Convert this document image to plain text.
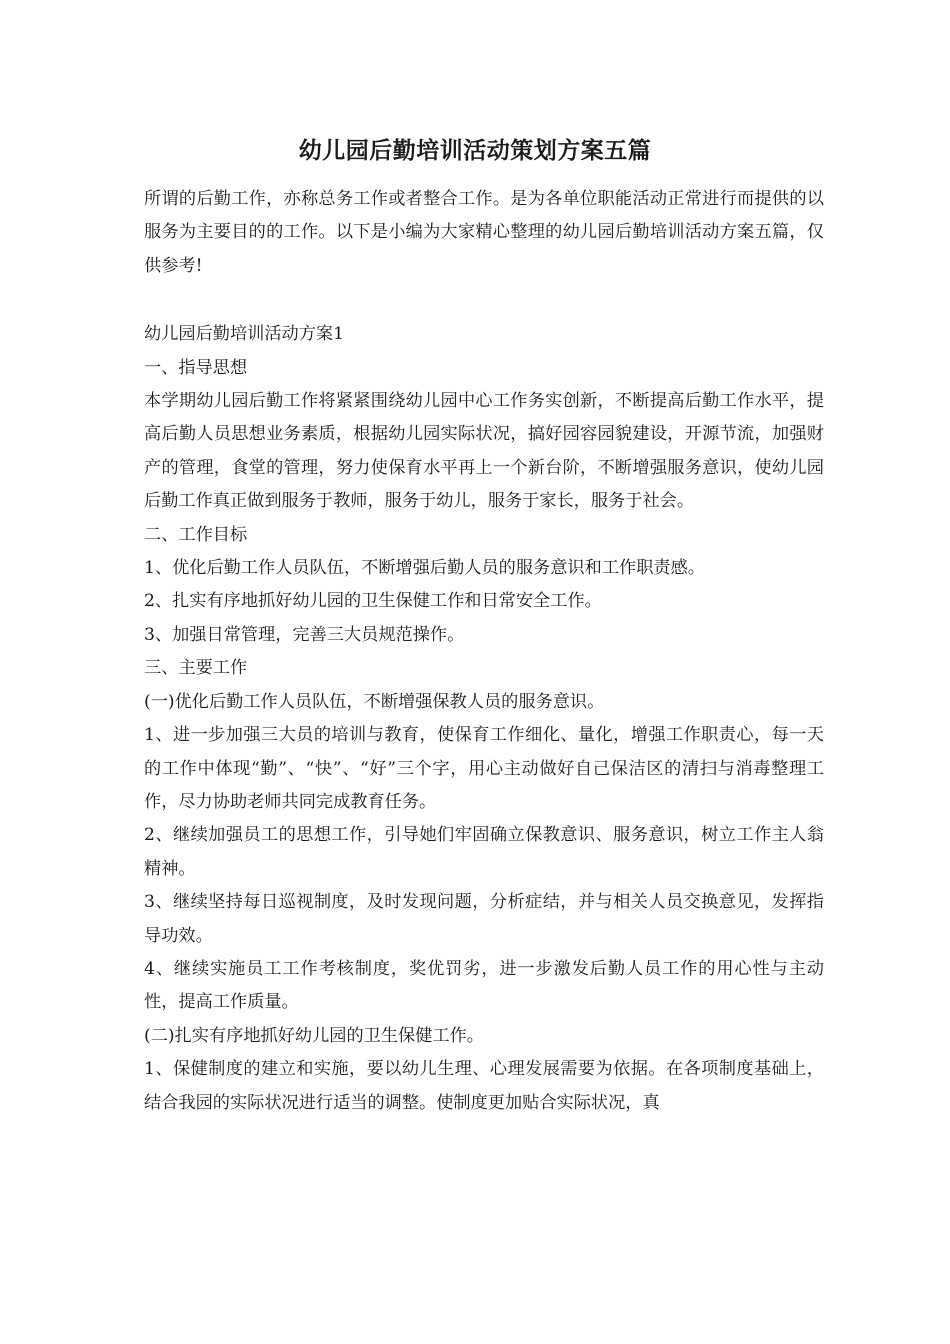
幼儿园后勤培训活动策划方案五篇

所谓的后勤工作，亦称总务工作或者整合工作。是为各单位职能活动正常进行而提供的以服务为主要目的的工作。以下是小编为大家精心整理的幼儿园后勤培训活动方案五篇，仅供参考!

幼儿园后勤培训活动方案1

一、指导思想

本学期幼儿园后勤工作将紧紧围绕幼儿园中心工作务实创新，不断提高后勤工作水平，提高后勤人员思想业务素质，根据幼儿园实际状况，搞好园容园貌建设，开源节流，加强财产的管理，食堂的管理，努力使保育水平再上一个新台阶，不断增强服务意识，使幼儿园后勤工作真正做到服务于教师，服务于幼儿，服务于家长，服务于社会。

二、工作目标

1、优化后勤工作人员队伍，不断增强后勤人员的服务意识和工作职责感。

2、扎实有序地抓好幼儿园的卫生保健工作和日常安全工作。

3、加强日常管理，完善三大员规范操作。

三、主要工作

(一)优化后勤工作人员队伍，不断增强保教人员的服务意识。

1、进一步加强三大员的培训与教育，使保育工作细化、量化，增强工作职责心，每一天的工作中体现“勤”、“快”、“好”三个字，用心主动做好自己保洁区的清扫与消毒整理工作，尽力协助老师共同完成教育任务。

2、继续加强员工的思想工作，引导她们牢固确立保教意识、服务意识，树立工作主人翁精神。

3、继续坚持每日巡视制度，及时发现问题，分析症结，并与相关人员交换意见，发挥指导功效。

4、继续实施员工工作考核制度，奖优罚劣，进一步激发后勤人员工作的用心性与主动性，提高工作质量。

(二)扎实有序地抓好幼儿园的卫生保健工作。

1、保健制度的建立和实施，要以幼儿生理、心理发展需要为依据。在各项制度基础上，结合我园的实际状况进行适当的调整。使制度更加贴合实际状况，真
